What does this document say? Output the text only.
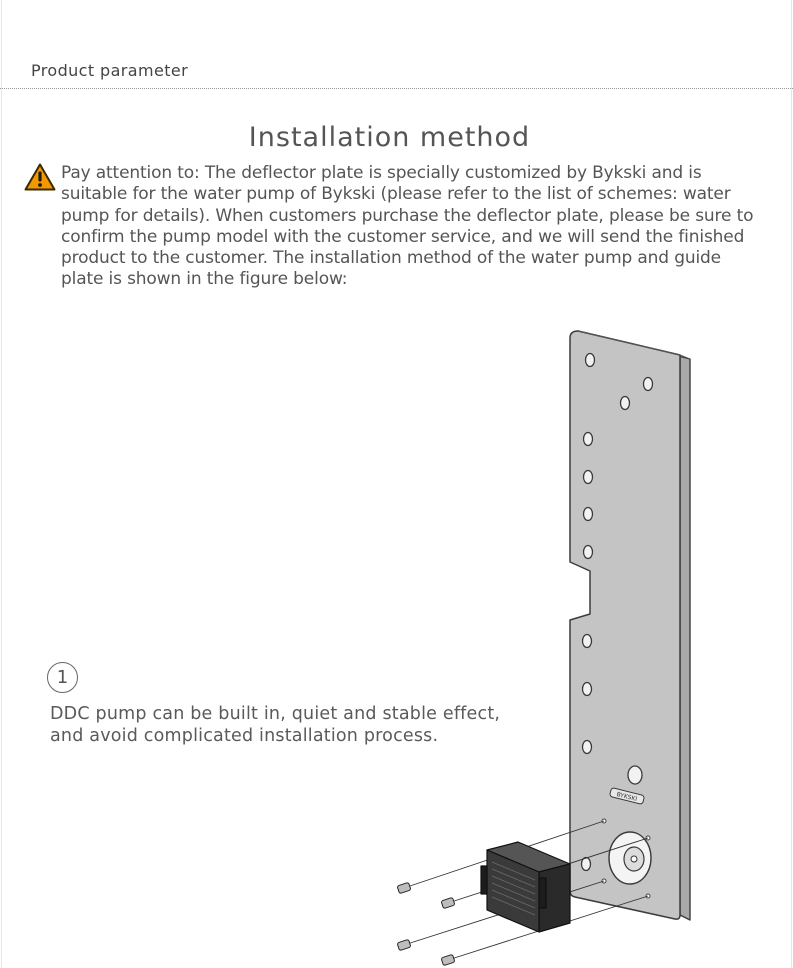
Product parameter
Installation method
Pay attention to: The deflector plate is specially customized by Bykski and is suitable for the water pump of Bykski (please refer to the list of schemes: water pump for details). When customers purchase the deflector plate, please be sure to confirm the pump model with the customer service, and we will send the finished product to the customer. The installation method of the water pump and guide plate is shown in the figure below:
1
DDC pump can be built in, quiet and stable effect, and avoid complicated installation process.
BYKSKI
